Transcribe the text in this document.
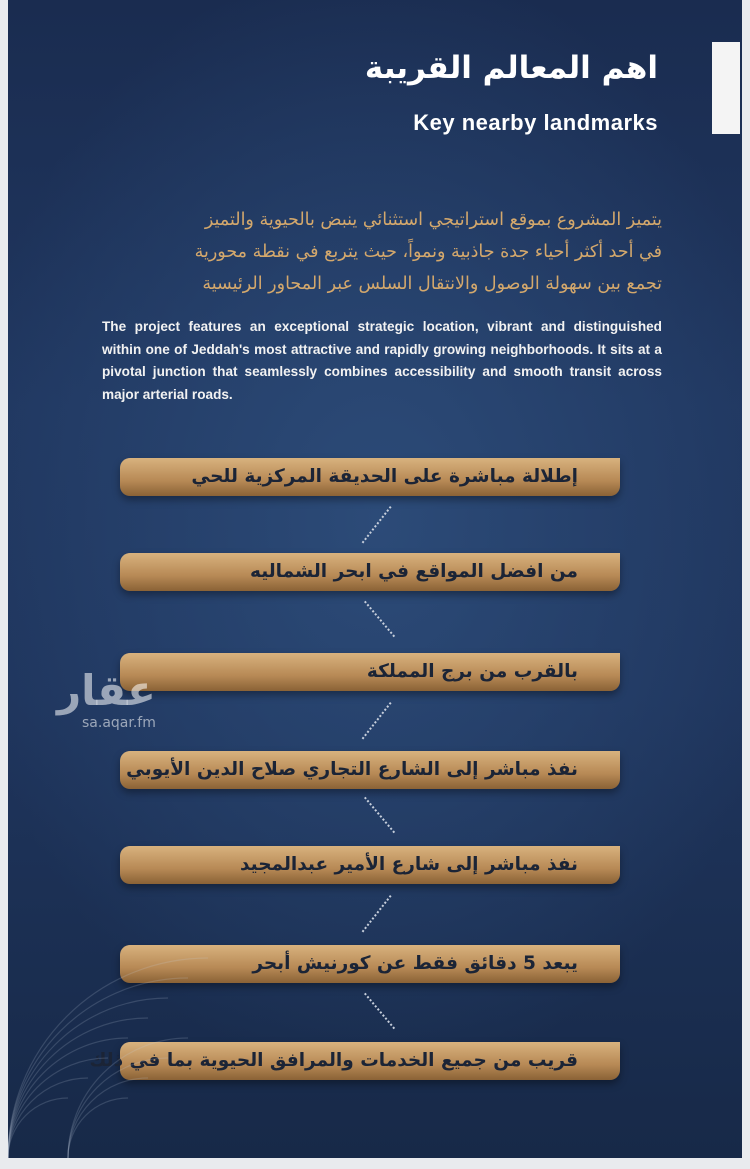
اهم المعالم القريبة
Key nearby landmarks
يتميز المشروع بموقع استراتيجي استثنائي ينبض بالحيوية والتميز
في أحد أكثر أحياء جدة جاذبية ونمواً، حيث يتربع في نقطة محورية
تجمع بين سهولة الوصول والانتقال السلس عبر المحاور الرئيسية
The project features an exceptional strategic location, vibrant and distinguished within one of Jeddah's most attractive and rapidly growing neighborhoods. It sits at a pivotal junction that seamlessly combines accessibility and smooth transit across major arterial roads.
إطلالة مباشرة على الحديقة المركزية للحي
من افضل المواقع في ابحر الشماليه
بالقرب من برج المملكة
نفذ مباشر إلى الشارع التجاري صلاح الدين الأيوبي
نفذ مباشر إلى شارع الأمير عبدالمجيد
يبعد 5 دقائق فقط عن كورنيش أبحر
قريب من جميع الخدمات والمرافق الحيوية بما في ذلك
عقار
sa.aqar.fm
